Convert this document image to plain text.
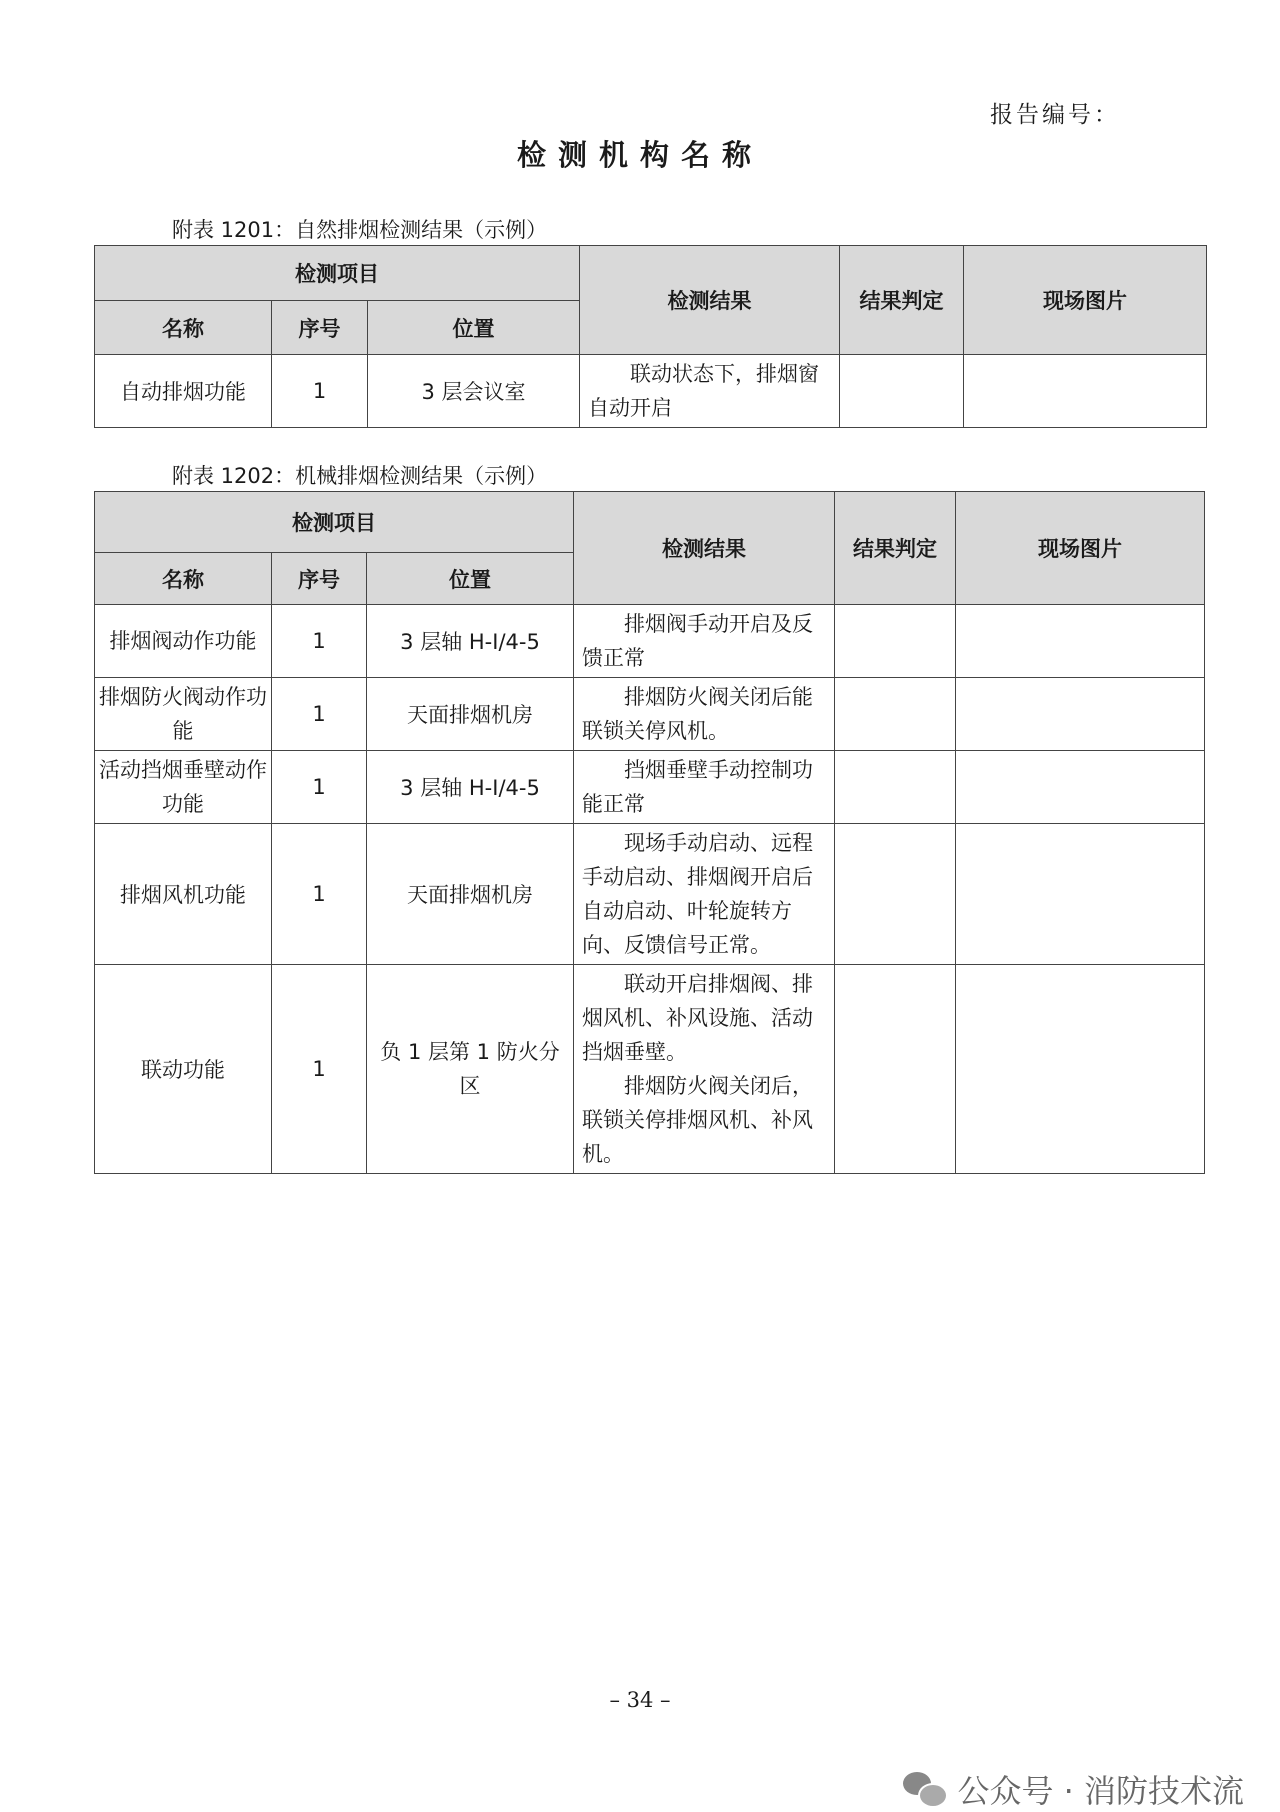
报告编号：
检测机构名称
附表 1201：自然排烟检测结果（示例）
检测项目			检测结果	结果判定	现场图片
名称	序号	位置			
自动排烟功能	1	3 层会议室	联动状态下，排烟窗自动开启		

附表 1202：机械排烟检测结果（示例）
检测项目			检测结果	结果判定	现场图片
名称	序号	位置			
排烟阀动作功能	1	3 层轴 H-I/4-5	排烟阀手动开启及反馈正常		

排烟防火阀动作功能	1	天面排烟机房	排烟防火阀关闭后能联锁关停风机。		

活动挡烟垂壁动作功能	1	3 层轴 H-I/4-5	挡烟垂壁手动控制功能正常		

排烟风机功能	1	天面排烟机房	现场手动启动、远程手动启动、排烟阀开启后自动启动、叶轮旋转方向、反馈信号正常。		

联动功能	1	负 1 层第 1 防火分区	联动开启排烟阀、排烟风机、补风设施、活动挡烟垂壁。
排烟防火阀关闭后，联锁关停排烟风机、补风机。		

– 34 –
公众号 · 消防技术流
